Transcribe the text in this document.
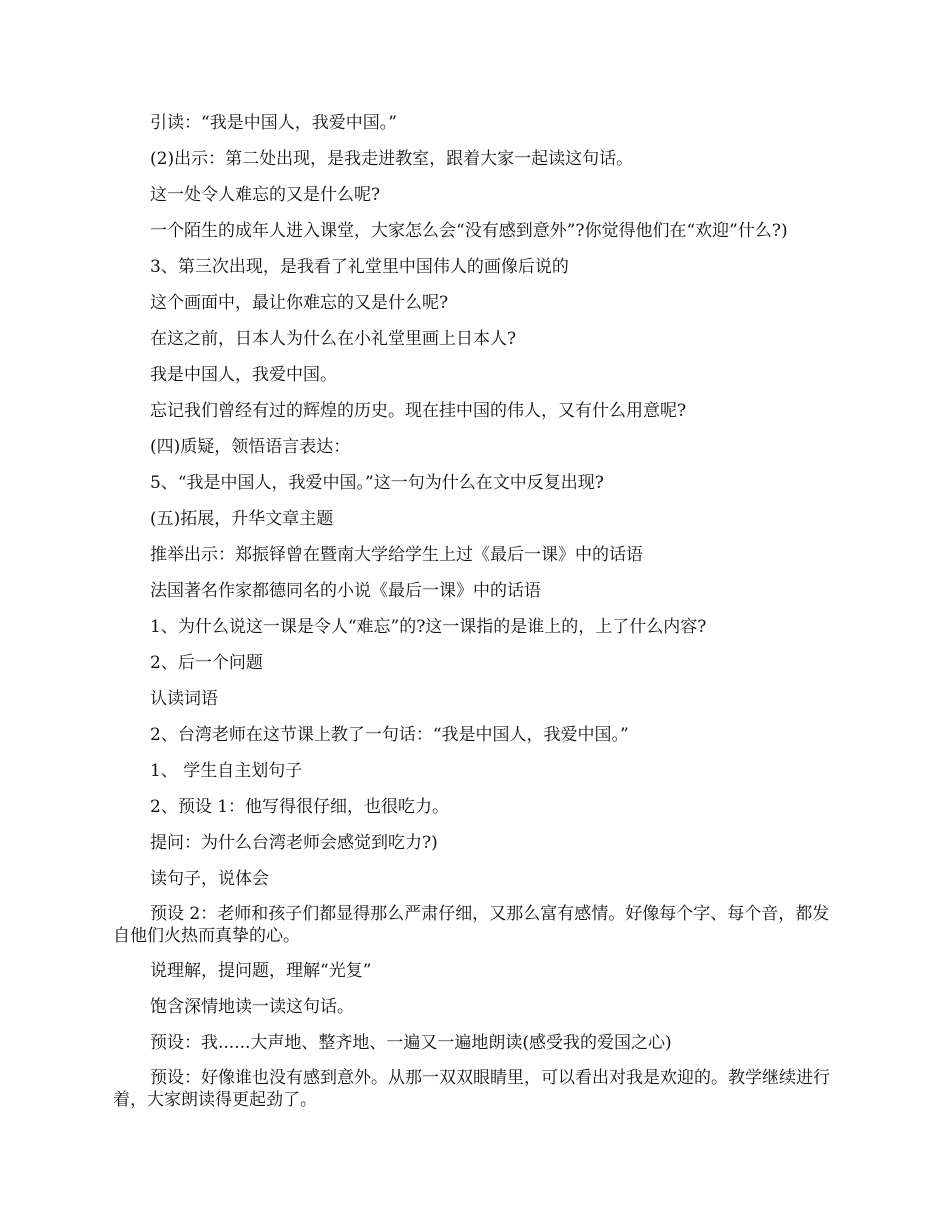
引读：“我是中国人，我爱中国。”

(2)出示：第二处出现，是我走进教室，跟着大家一起读这句话。

这一处令人难忘的又是什么呢?

一个陌生的成年人进入课堂，大家怎么会“没有感到意外”?你觉得他们在“欢迎”什么?)

3、第三次出现，是我看了礼堂里中国伟人的画像后说的

这个画面中，最让你难忘的又是什么呢?

在这之前，日本人为什么在小礼堂里画上日本人?

我是中国人，我爱中国。

忘记我们曾经有过的辉煌的历史。现在挂中国的伟人，又有什么用意呢?

(四)质疑，领悟语言表达：

5、“我是中国人，我爱中国。”这一句为什么在文中反复出现?

(五)拓展，升华文章主题

推举出示：郑振铎曾在暨南大学给学生上过《最后一课》中的话语

法国著名作家都德同名的小说《最后一课》中的话语

1、为什么说这一课是令人“难忘”的?这一课指的是谁上的，上了什么内容?

2、后一个问题

认读词语

2、台湾老师在这节课上教了一句话：“我是中国人，我爱中国。”

1、 学生自主划句子

2、预设 1：他写得很仔细，也很吃力。

提问：为什么台湾老师会感觉到吃力?)

读句子，说体会

预设 2：老师和孩子们都显得那么严肃仔细，又那么富有感情。好像每个字、每个音，都发自他们火热而真挚的心。

说理解，提问题，理解“光复”

饱含深情地读一读这句话。

预设：我......大声地、整齐地、一遍又一遍地朗读(感受我的爱国之心)

预设：好像谁也没有感到意外。从那一双双眼睛里，可以看出对我是欢迎的。教学继续进行着，大家朗读得更起劲了。
